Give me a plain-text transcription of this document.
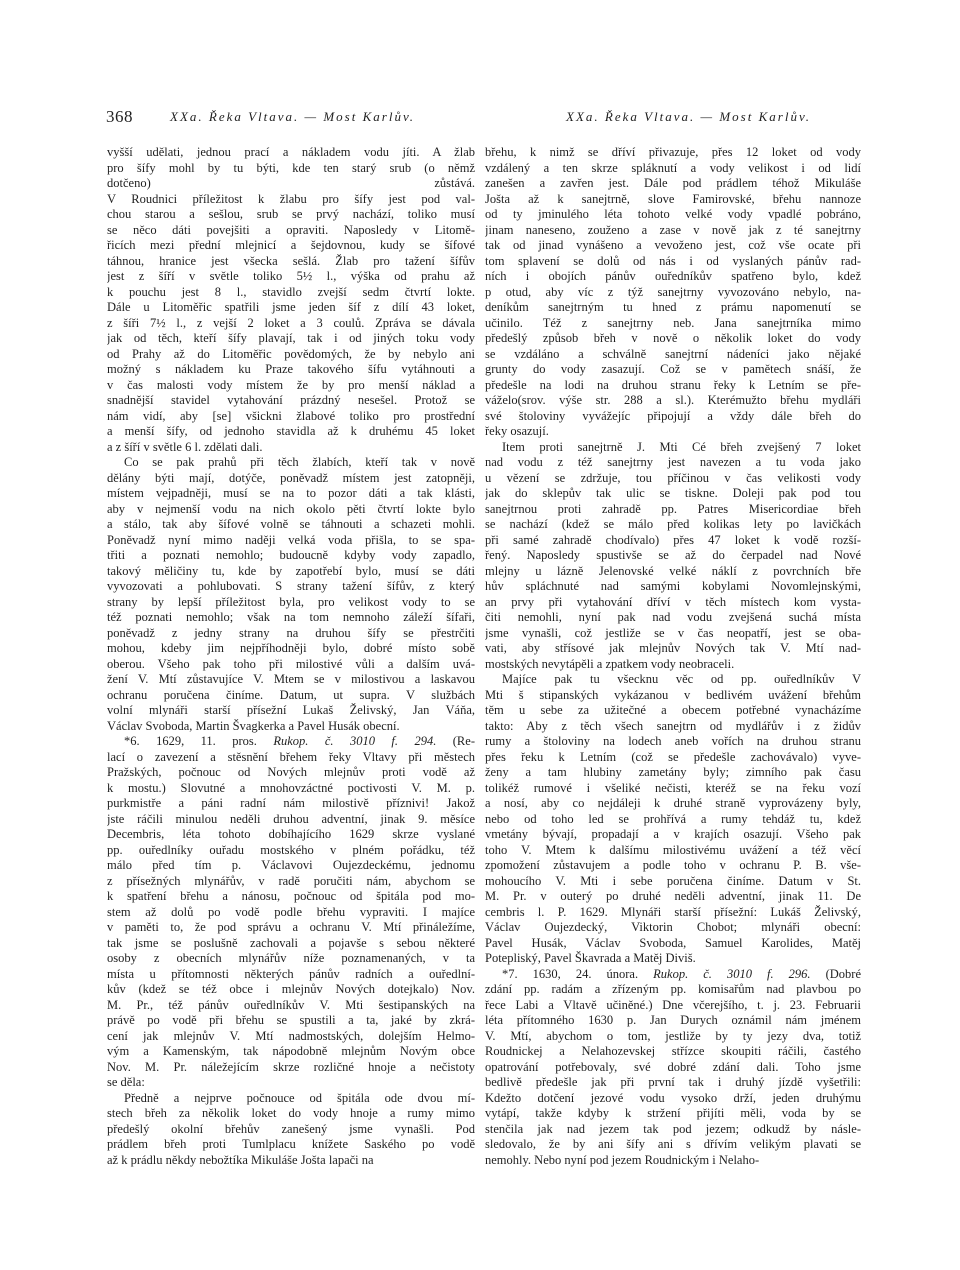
368	XXa. Řeka Vltava. — Most Karlův.	XXa. Řeka Vltava. — Most Karlův.
vyšší udělati, jednou prací a nákladem vodu jíti. A žlab
pro šífy mohl by tu býti, kde ten starý srub (o němž
dotčeno) zůstává.
V Roudnici příležitost k žlabu pro šífy jest pod val-
chou starou a sešlou, srub se prvý nachází, toliko musí
se něco dáti povejšiti a opraviti. Naposledy v Litomě-
řicích mezi přední mlejnicí a šejdovnou, kudy se šífové
táhnou, hranice jest všecka sešlá. Žlab pro tažení šífův
jest z šíří v světle toliko 5½ l., výška od prahu až
k pouchu jest 8 l., stavidlo zvejší sedm čtvrtí lokte.
Dále u Litoměřic spatřili jsme jeden šíf z dílí 43 loket,
z šíři 7½ l., z vejší 2 loket a 3 coulů. Zpráva se dávala
jak od těch, kteří šífy plavají, tak i od jiných toku vody
od Prahy až do Litoměřic povědomých, že by nebylo ani
možný s nákladem ku Praze takového šífu vytáhnouti a
v čas malosti vody místem že by pro menší náklad a
snadnější stavidel vytahování prázdný nesešel. Protož se
nám vidí, aby [se] všickni žlabové toliko pro prostřední
a menší šífy, od jednoho stavidla až k druhému 45 loket
a z šíří v světle 6 l. zdělati dali.
Co se pak prahů při těch žlabích, kteří tak v nově
dělány býti mají, dotýče, poněvadž místem jest zatopněji,
místem vejpadněji, musí se na to pozor dáti a tak klásti,
aby v nejmenší vodu na nich okolo pěti čtvrtí lokte bylo
a stálo, tak aby šífové volně se táhnouti a schazeti mohli.
Poněvadž nyní mimo naději velká voda přišla, to se spa-
třiti a poznati nemohlo; budoucně kdyby vody zapadlo,
takový měličiny tu, kde by zapotřebí bylo, musí se dáti
vyvozovati a pohlubovati. S strany tažení šífův, z který
strany by lepší příležitost byla, pro velikost vody to se
též poznati nemohlo; však na tom nemnoho záleží šífaři,
poněvadž z jedny strany na druhou šífy se přestrčiti
mohou, kdeby jim nejpříhodněji bylo, dobré místo sobě
oberou. Všeho pak toho při milostivé vůli a dalším uvá-
žení V. Mtí zůstavujíce V. Mtem se v milostivou a laskavou
ochranu poručena činíme. Datum, ut supra. V službách
volní mlynáři starší přísežní Lukaš Želivský, Jan Váňa,
Václav Svoboda, Martin Švagkerka a Pavel Husák obecní.
*6. 1629, 11. pros. Rukop. č. 3010 f. 294. (Re-
lací o zavezení a stěsnění břehem řeky Vltavy při městech
Pražských, počnouc od Nových mlejnův proti vodě až
k mostu.) Slovutné a mnohovzáctné poctivosti V. M. p.
purkmistře a páni radní nám milostivě příznivi! Jakož
jste ráčili minulou neděli druhou adventní, jinak 9. měsíce
Decembris, léta tohoto dobíhajícího 1629 skrze vyslané
pp. ouředlníky ouřadu mostského v plném pořádku, též
málo před tím p. Václavovi Oujezdeckému, jednomu
z přísežných mlynářův, v radě poručiti nám, abychom se
k spatření břehu a nánosu, počnouc od špitála pod mo-
stem až dolů po vodě podle břehu vypraviti. I majíce
v paměti to, že pod správu a ochranu V. Mtí přináležíme,
tak jsme se poslušně zachovali a pojavše s sebou některé
osoby z obecních mlynářův níže poznamenaných, v ta
místa u přítomnosti některých pánův radních a ouředlní-
kův (kdež se též obce i mlejnův Nových dotejkalo) Nov.
M. Pr., též pánův ouředlníkův V. Mti šestipanských na
právě po vodě při břehu se spustili a ta, jaké by zkrá-
cení jak mlejnův V. Mtí nadmostských, dolejším Helmo-
vým a Kamenským, tak nápodobně mlejnům Novým obce
Nov. M. Pr. náležejícím skrze rozličné hnoje a nečistoty
se děla:
Předně a nejprve počnouce od špitála ode dvou mí-
stech břeh za několik loket do vody hnoje a rumy mimo
předešlý okolní břehův zanešený jsme vynašli. Pod
prádlem břeh proti Tumlplacu knížete Saského po vodě
až k prádlu někdy nebožtíka Mikuláše Jošta lapači na
břehu, k nimž se dříví přivazuje, přes 12 loket od vody
vzdálený a ten skrze spláknutí a vody velikost i od lidí
zanešen a zavřen jest. Dále pod prádlem téhož Mikuláše
Jošta až k sanejtrně, slove Famirovské, břehu nannoze
od ty jminulého léta tohoto velké vody vpadlé pobráno,
jinam naneseno, zouženo a zase v nově jak z té sanejtrny
tak od jinad vynášeno a vevoženo jest, což vše ocate při
tom splavení se dolů od nás i od vyslaných pánův rad-
ních i obojích pánův ouředníkův spatřeno bylo, kdež
p otud, aby víc z týž sanejtrny vyvozováno nebylo, na-
deníkům sanejtrným tu hned z prámu napomenutí se
učinilo. Též z sanejtrny neb. Jana sanejtrníka mimo
předešlý způsob břeh v nově o několik loket do vody
se vzdáláno a schválně sanejtrní nádeníci jako nějaké
grunty do vody zasazují. Což se v pamětech snáší, že
předešle na lodi na druhou stranu řeky k Letním se pře-
váželo(srov. výše str. 288 a sl.). Kterémužto břehu mydláři
své štoloviny vyvážejíc připojují a vždy dále břeh do
řeky osazují.
Item proti sanejtrně J. Mti Cé břeh zvejšený 7 loket
nad vodu z též sanejtrny jest navezen a tu voda jako
u vězení se zdržuje, tou příčinou v čas velikosti vody
jak do sklepův tak ulic se tiskne. Doleji pak pod tou
sanejtrnou proti zahradě pp. Patres Misericordiae břeh
se nachází (kdež se málo před kolikas lety po lavičkách
při samé zahradě chodívalo) přes 47 loket k vodě rozší-
řený. Naposledy spustivše se až do čerpadel nad Nové
mlejny u lázně Jelenovské velké náklí z povrchních bře
hův spláchnuté nad samými kobylami Novomlejnskými,
an prvy při vytahování dříví v těch místech kom vysta-
čiti nemohli, nyní pak nad vodu zvejšená suchá místa
jsme vynašli, což jestliže se v čas neopatří, jest se oba-
vati, aby střísové jak mlejnův Nových tak V. Mtí nad-
mostských nevytápěli a zpatkem vody neobraceli.
Majíce pak tu všecknu věc od pp. ouředlníkův V
Mti š stipanských vykázanou v bedlivém uvážení břehům
těm u sebe za užitečné a obecem potřebné vynacházíme
takto: Aby z těch všech sanejtrn od mydlářův i z židův
rumy a štoloviny na lodech aneb vořích na druhou stranu
přes řeku k Letním (což se předešle zachovávalo) vyve-
ženy a tam hlubiny zametány byly; zimního pak času
tolikéž rumové i všeliké nečisti, kteréž se na řeku vozí
a nosí, aby co nejdáleji k druhé straně vyprovázeny byly,
nebo od toho led se prohřívá a rumy tehdáž tu, kdež
vmetány bývají, propadají a v krajích osazují. Všeho pak
toho V. Mtem k dalšímu milostivému uvážení a též věcí
zpomožení zůstavujem a podle toho v ochranu P. B. vše-
mohoucího V. Mti i sebe poručena činíme. Datum v St.
M. Pr. v outerý po druhé neděli adventní, jinak 11. De
cembris l. P. 1629. Mlynáři starší přísežní: Lukáš Želivský,
Václav Oujezdecký, Viktorin Chobot; mlynáři obecní:
Pavel Husák, Václav Svoboda, Samuel Karolides, Matěj
Potepliský, Pavel Škavrada a Matěj Diviš.
*7. 1630, 24. února. Rukop. č. 3010 f. 296. (Dobré
zdání pp. radám a zřízeným pp. komisařům nad plavbou po
řece Labi a Vltavě učiněné.) Dne včerejšího, t. j. 23. Februarii
léta přítomného 1630 p. Jan Durych oznámil nám jménem
V. Mtí, abychom o tom, jestliže by ty jezy dva, totiž
Roudnickej a Nelahozevskej střízce skoupiti ráčili, častého
opatrování potřebovaly, své dobré zdání dali. Toho jsme
bedlivě předešle jak při první tak i druhý jízdě vyšetřili:
Kdežto dotčení jezové vodu vysoko drží, jeden druhýmu
vytápí, takže kdyby k stržení přijíti měli, voda by se
stenčila jak nad jezem tak pod jezem; odkudž by násle-
sledovalo, že by ani šífy ani s dřívím velikým plavati se
nemohly. Nebo nyní pod jezem Roudnickým i Nelaho-
